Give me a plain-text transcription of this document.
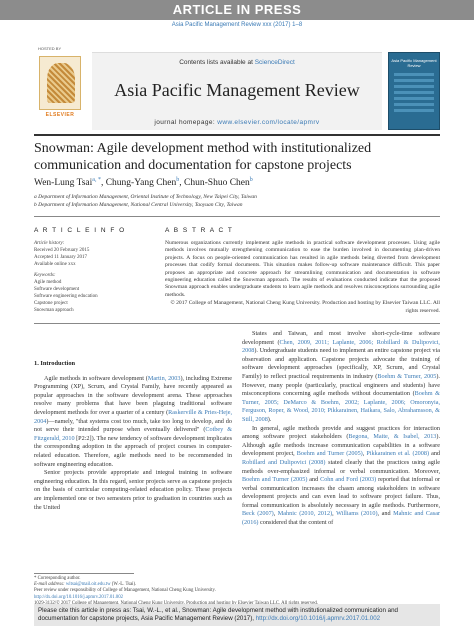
ARTICLE IN PRESS
Asia Pacific Management Review xxx (2017) 1–8
HOSTED BY
ELSEVIER
Contents lists available at ScienceDirect
Asia Pacific Management Review
journal homepage: www.elsevier.com/locate/apmrv
Asia Pacific Management Review
Snowman: Agile development method with institutionalized communication and documentation for capstone projects
Wen-Lung Tsai$^{a, *}$, Chung-Yang Chen$^b$, Chun-Shuo Chen$^b$
a Department of Information Management, Oriental Institute of Technology, New Taipei City, Taiwan
b Department of Information Management, National Central University, Taoyuan City, Taiwan
A R T I C L E I N F O
Article history:
Received 20 February 2015
Accepted 11 January 2017
Available online xxx
Keywords:
Agile method
Software development
Software engineering education
Capstone project
Snowman approach
A B S T R A C T
Numerous organizations currently implement agile methods in practical software development processes. Using agile methods involves mutually strengthening communication to ease the burden involved in documenting plan-driven projects. A focus on people-oriented communication has resulted in agile methods being diverted from development processes that codify formal documents. This situation makes follow-up software maintenance difficult. This paper proposes an appropriate and concrete approach for streamlining communication and documentation in software engineering education called the Snowman approach. The results of evaluations conducted indicate that the proposed Snowman approach enables undergraduate students to learn agile methods and resolves misconceptions surrounding agile methods.
© 2017 College of Management, National Cheng Kung University. Production and hosting by Elsevier Taiwan LLC. All rights reserved.
1. Introduction
Agile methods in software development (Martin, 2003), including Extreme Programming (XP), Scrum, and Crystal Family, have recently appeared as popular approaches in the software development arena. These approaches resolve many problems that have been plaguing traditional software development methods for over a quarter of a century (Raskerville & Pries-Heje, 2004)—namely, "that systems cost too much, take too long to develop, and do not serve their intended purpose when eventually delivered" (Cotbey & Fitzgerald, 2010 [P2:2]). The new tendency of software development implicates the corresponding adoption in the approach of project courses in computer-related education. Therefore, agile methods need to be recommended in software engineering education.
Senior projects provide appropriate and integral training in software engineering education. In this regard, senior projects serve as capstone projects on the basis of curricular computing-related education policy. These projects are implemented one or two semesters prior to graduation in countries such as the United
States and Taiwan, and most involve short-cycle-time software development (Chen, 2009, 2011; Laplante, 2006; Robillard & Dulipovici, 2008). Undergraduate students need to implement an entire capstone project via observation and application. Capstone projects advocate the training of software development approaches (specifically, XP, Scrum, and Crystal Family) to reflect practical requirements in industry (Boehm & Turner, 2005). However, many people (particularly, practical engineers and students) have misconceptions concerning agile methods without documentation (Boehm & Turner, 2005; DeMarco & Boehm, 2002; Laplante, 2006; Omoronyia, Ferguson, Roper, & Wood, 2010; Pikkarainen, Haikara, Salo, Abrahamsson, & Still, 2008).
In general, agile methods provide and suggest practices for interaction among software project stakeholders (Begona, Maite, & Isabel, 2013). Although agile methods increase communication capabilities in a software development project, Boehm and Turner (2005), Pikkarainen et al. (2008) and Robillard and Dulipovici (2008) stated clearly that the practices using agile methods over-emphasized informal or verbal communication. Moreover, Boehm and Turner (2005) and Cohn and Ford (2003) reported that informal or verbal communication increases the chasm among stakeholders in software development projects and can even lead to software project failure. Thus, formal communication is absolutely necessary in agile methods. Furthermore, Beck (2007), Mahnic (2010, 2012), Williams (2010), and Mahnic and Casar (2016) considered that the content of
* Corresponding author.
E-mail address: wltsai@mail.oit.edu.tw (W.-L. Tsai).
Peer review under responsibility of College of Management, National Cheng Kung University.
http://dx.doi.org/10.1016/j.apmrv.2017.01.002
Please cite this article in press as: Tsai, W.-L., et al., Snowman: Agile development method with institutionalized communication and documentation for capstone projects, Asia Pacific Management Review (2017), http://dx.doi.org/10.1016/j.apmrv.2017.01.002
